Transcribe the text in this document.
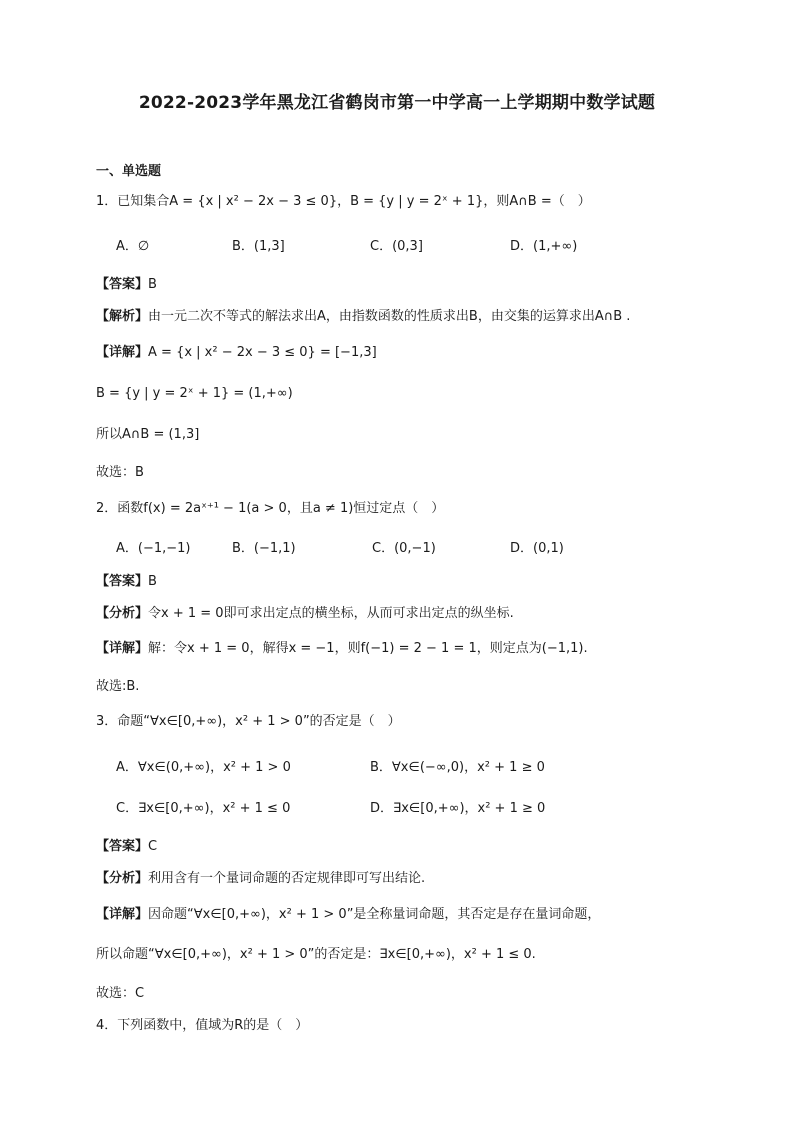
2022-2023学年黑龙江省鹤岗市第一中学高一上学期期中数学试题
一、单选题
1．已知集合A = {x | x² − 2x − 3 ≤ 0}，B = {y | y = 2ˣ + 1}，则A∩B =（　）
A．∅	B．(1,3]	C．(0,3]	D．(1,+∞)
【答案】B
【解析】由一元二次不等式的解法求出A，由指数函数的性质求出B，由交集的运算求出A∩B .
【详解】A = {x | x² − 2x − 3 ≤ 0} = [−1,3]
B = {y | y = 2ˣ + 1} = (1,+∞)
所以A∩B = (1,3]
故选：B
2．函数f(x) = 2aˣ⁺¹ − 1(a > 0，且a ≠ 1)恒过定点（　）
A．(−1,−1)	B．(−1,1)	C．(0,−1)	D．(0,1)
【答案】B
【分析】令x + 1 = 0即可求出定点的横坐标，从而可求出定点的纵坐标.
【详解】解：令x + 1 = 0，解得x = −1，则f(−1) = 2 − 1 = 1，则定点为(−1,1).
故选:B.
3．命题“∀x∈[0,+∞)，x² + 1 > 0”的否定是（　）
A．∀x∈(0,+∞)，x² + 1 > 0	B．∀x∈(−∞,0)，x² + 1 ≥ 0
C．∃x∈[0,+∞)，x² + 1 ≤ 0	D．∃x∈[0,+∞)，x² + 1 ≥ 0
【答案】C
【分析】利用含有一个量词命题的否定规律即可写出结论.
【详解】因命题“∀x∈[0,+∞)，x² + 1 > 0”是全称量词命题，其否定是存在量词命题，
所以命题“∀x∈[0,+∞)，x² + 1 > 0”的否定是：∃x∈[0,+∞)，x² + 1 ≤ 0.
故选：C
4．下列函数中，值域为R的是（　）
